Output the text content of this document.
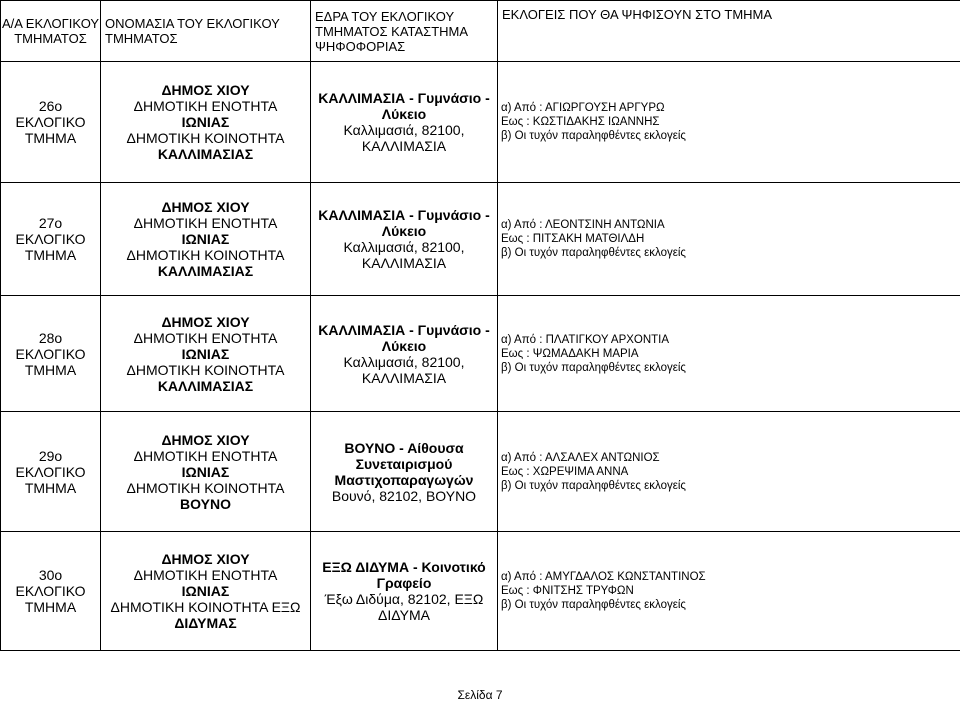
Α/Α ΕΚΛΟΓΙΚΟΥ ΤΜΗΜΑΤΟΣ	ΟΝΟΜΑΣΙΑ ΤΟΥ ΕΚΛΟΓΙΚΟΥ ΤΜΗΜΑΤΟΣ	ΕΔΡΑ ΤΟΥ ΕΚΛΟΓΙΚΟΥ ΤΜΗΜΑΤΟΣ ΚΑΤΑΣΤΗΜΑ ΨΗΦΟΦΟΡΙΑΣ	ΕΚΛΟΓΕΙΣ ΠΟΥ ΘΑ ΨΗΦΙΣΟΥΝ ΣΤΟ ΤΜΗΜΑ

26ο
ΕΚΛΟΓΙΚΟ
ΤΜΗΜΑ	ΔΗΜΟΣ ΧΙΟΥ
ΔΗΜΟΤΙΚΗ ΕΝΟΤΗΤΑ
ΙΩΝΙΑΣ
ΔΗΜΟΤΙΚΗ ΚΟΙΝΟΤΗΤΑ
ΚΑΛΛΙΜΑΣΙΑΣ	ΚΑΛΛΙΜΑΣΙΑ - Γυμνάσιο -
Λύκειο
Καλλιμασιά, 82100,
ΚΑΛΛΙΜΑΣΙΑ	α) Από : ΑΓΙΩΡΓΟΥΣΗ ΑΡΓΥΡΩ
Εως : ΚΩΣΤΙΔΑΚΗΣ ΙΩΑΝΝΗΣ
β) Οι τυχόν παραληφθέντες εκλογείς

27ο
ΕΚΛΟΓΙΚΟ
ΤΜΗΜΑ	ΔΗΜΟΣ ΧΙΟΥ
ΔΗΜΟΤΙΚΗ ΕΝΟΤΗΤΑ
ΙΩΝΙΑΣ
ΔΗΜΟΤΙΚΗ ΚΟΙΝΟΤΗΤΑ
ΚΑΛΛΙΜΑΣΙΑΣ	ΚΑΛΛΙΜΑΣΙΑ - Γυμνάσιο -
Λύκειο
Καλλιμασιά, 82100,
ΚΑΛΛΙΜΑΣΙΑ	α) Από : ΛΕΟΝΤΣΙΝΗ ΑΝΤΩΝΙΑ
Εως : ΠΙΤΣΑΚΗ ΜΑΤΘΙΛΔΗ
β) Οι τυχόν παραληφθέντες εκλογείς

28ο
ΕΚΛΟΓΙΚΟ
ΤΜΗΜΑ	ΔΗΜΟΣ ΧΙΟΥ
ΔΗΜΟΤΙΚΗ ΕΝΟΤΗΤΑ
ΙΩΝΙΑΣ
ΔΗΜΟΤΙΚΗ ΚΟΙΝΟΤΗΤΑ
ΚΑΛΛΙΜΑΣΙΑΣ	ΚΑΛΛΙΜΑΣΙΑ - Γυμνάσιο -
Λύκειο
Καλλιμασιά, 82100,
ΚΑΛΛΙΜΑΣΙΑ	α) Από : ΠΛΑΤΙΓΚΟΥ ΑΡΧΟΝΤΙΑ
Εως : ΨΩΜΑΔΑΚΗ ΜΑΡΙΑ
β) Οι τυχόν παραληφθέντες εκλογείς

29ο
ΕΚΛΟΓΙΚΟ
ΤΜΗΜΑ	ΔΗΜΟΣ ΧΙΟΥ
ΔΗΜΟΤΙΚΗ ΕΝΟΤΗΤΑ
ΙΩΝΙΑΣ
ΔΗΜΟΤΙΚΗ ΚΟΙΝΟΤΗΤΑ
ΒΟΥΝΟ	ΒΟΥΝΟ - Αίθουσα
Συνεταιρισμού
Μαστιχοπαραγωγών
Βουνό, 82102, ΒΟΥΝΟ	α) Από : ΑΛΣΑΛΕΧ ΑΝΤΩΝΙΟΣ
Εως : ΧΩΡΕΨΙΜΑ ΑΝΝΑ
β) Οι τυχόν παραληφθέντες εκλογείς

30ο
ΕΚΛΟΓΙΚΟ
ΤΜΗΜΑ	ΔΗΜΟΣ ΧΙΟΥ
ΔΗΜΟΤΙΚΗ ΕΝΟΤΗΤΑ
ΙΩΝΙΑΣ
ΔΗΜΟΤΙΚΗ ΚΟΙΝΟΤΗΤΑ ΕΞΩ
ΔΙΔΥΜΑΣ	ΕΞΩ ΔΙΔΥΜΑ - Κοινοτικό
Γραφείο
Έξω Διδύμα, 82102, ΕΞΩ
ΔΙΔΥΜΑ	α) Από : ΑΜΥΓΔΑΛΟΣ ΚΩΝΣΤΑΝΤΙΝΟΣ
Εως : ΦΝΙΤΣΗΣ ΤΡΥΦΩΝ
β) Οι τυχόν παραληφθέντες εκλογείς
Σελίδα 7
